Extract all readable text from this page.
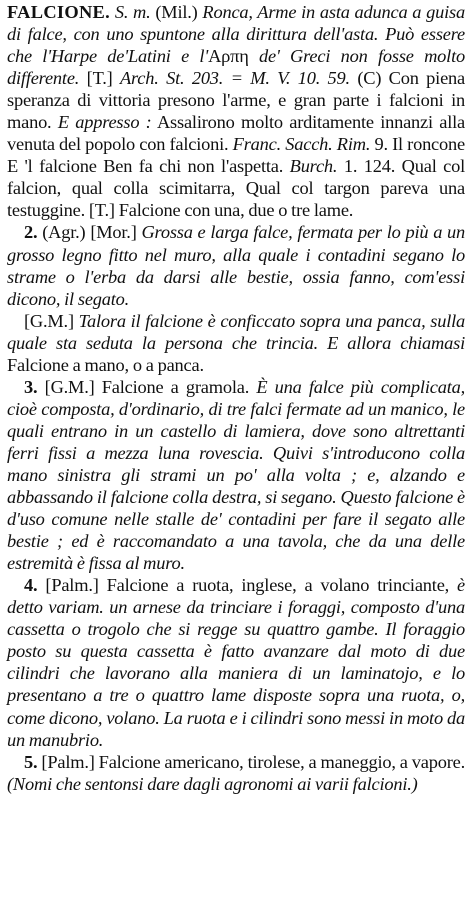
FALCIONE. S. m. (Mil.) Ronca, Arme in asta adunca a guisa di falce, con uno spuntone alla dirittura dell'asta. Può essere che l'Harpe de'Latini e l'Aρπη de' Greci non fosse molto differente. [T.] Arch. St. 203. = M. V. 10. 59. (C) Con piena speranza di vittoria presono l'arme, e gran parte i falcioni in mano. E appresso : Assalirono molto arditamente innanzi alla venuta del popolo con falcioni. Franc. Sacch. Rim. 9. Il roncone E 'l falcione Ben fa chi non l'aspetta. Burch. 1. 124. Qual col falcion, qual colla scimitarra, Qual col targon pareva una testuggine. [T.] Falcione con una, due o tre lame.

2. (Agr.) [Mor.] Grossa e larga falce, fermata per lo più a un grosso legno fitto nel muro, alla quale i contadini segano lo strame o l'erba da darsi alle bestie, ossia fanno, com'essi dicono, il segato.

[G.M.] Talora il falcione è conficcato sopra una panca, sulla quale sta seduta la persona che trincia. E allora chiamasi Falcione a mano, o a panca.

3. [G.M.] Falcione a gramola. È una falce più complicata, cioè composta, d'ordinario, di tre falci fermate ad un manico, le quali entrano in un castello di lamiera, dove sono altrettanti ferri fissi a mezza luna rovescia. Quivi s'introducono colla mano sinistra gli strami un po' alla volta ; e, alzando e abbassando il falcione colla destra, si segano. Questo falcione è d'uso comune nelle stalle de' contadini per fare il segato alle bestie ; ed è raccomandato a una tavola, che da una delle estremità è fissa al muro.

4. [Palm.] Falcione a ruota, inglese, a volano trinciante, è detto variam. un arnese da trinciare i foraggi, composto d'una cassetta o trogolo che si regge su quattro gambe. Il foraggio posto su questa cassetta è fatto avanzare dal moto di due cilindri che lavorano alla maniera di un laminatojo, e lo presentano a tre o quattro lame disposte sopra una ruota, o, come dicono, volano. La ruota e i cilindri sono messi in moto da un manubrio.

5. [Palm.] Falcione americano, tirolese, a maneggio, a vapore. (Nomi che sentonsi dare dagli agronomi ai varii falcioni.)
